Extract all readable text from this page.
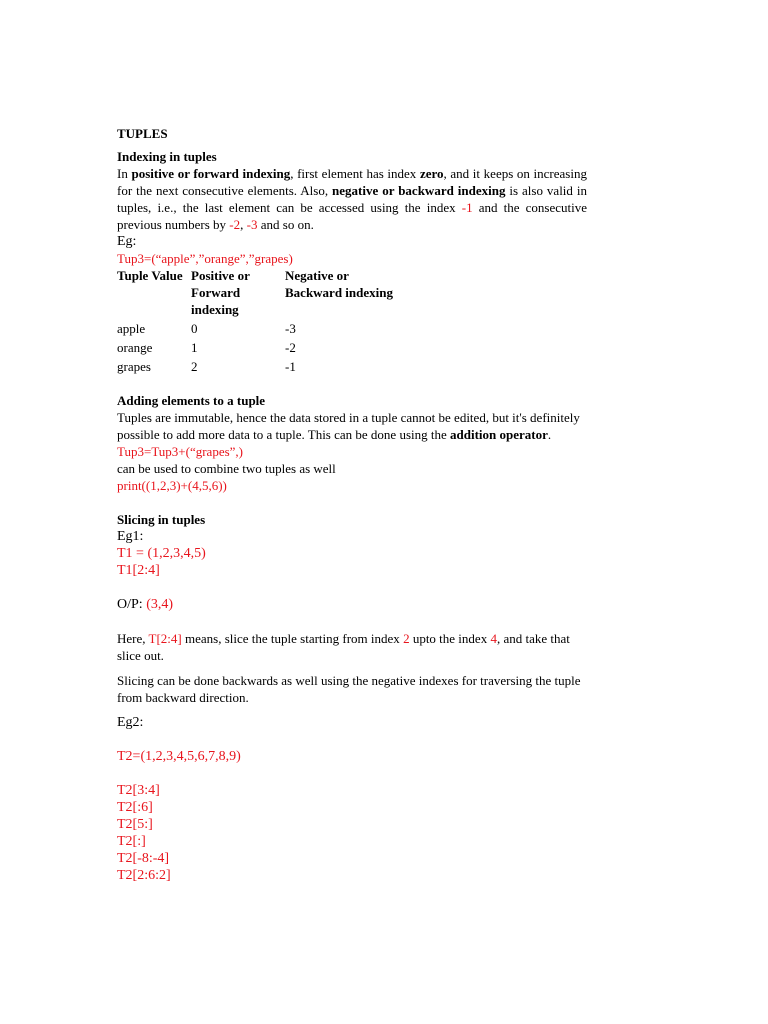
TUPLES
Indexing in tuples

In positive or forward indexing, first element has index zero, and it keeps on increasing for the next consecutive elements. Also, negative or backward indexing is also valid in tuples, i.e., the last element can be accessed using the index -1 and the consecutive previous numbers by -2, -3 and so on.

Eg:
Tup3=(“apple”,”orange”,”grapes)
Tuple Value	Positive or Forward indexing	Negative or Backward indexing
apple	0	-3
orange	1	-2
grapes	2	-1
Adding elements to a tuple

Tuples are immutable, hence the data stored in a tuple cannot be edited, but it's definitely possible to add more data to a tuple. This can be done using the addition operator.

Tup3=Tup3+(“grapes”,)
can be used to combine two tuples as well
print((1,2,3)+(4,5,6))
Slicing in tuples
Eg1:
T1 = (1,2,3,4,5)
T1[2:4]
O/P: (3,4)

Here, T[2:4] means, slice the tuple starting from index 2 upto the index 4, and take that slice out.

Slicing can be done backwards as well using the negative indexes for traversing the tuple from backward direction.

Eg2:
T2=(1,2,3,4,5,6,7,8,9)
T2[3:4]
T2[:6]
T2[5:]
T2[:]
T2[-8:-4]
T2[2:6:2]
